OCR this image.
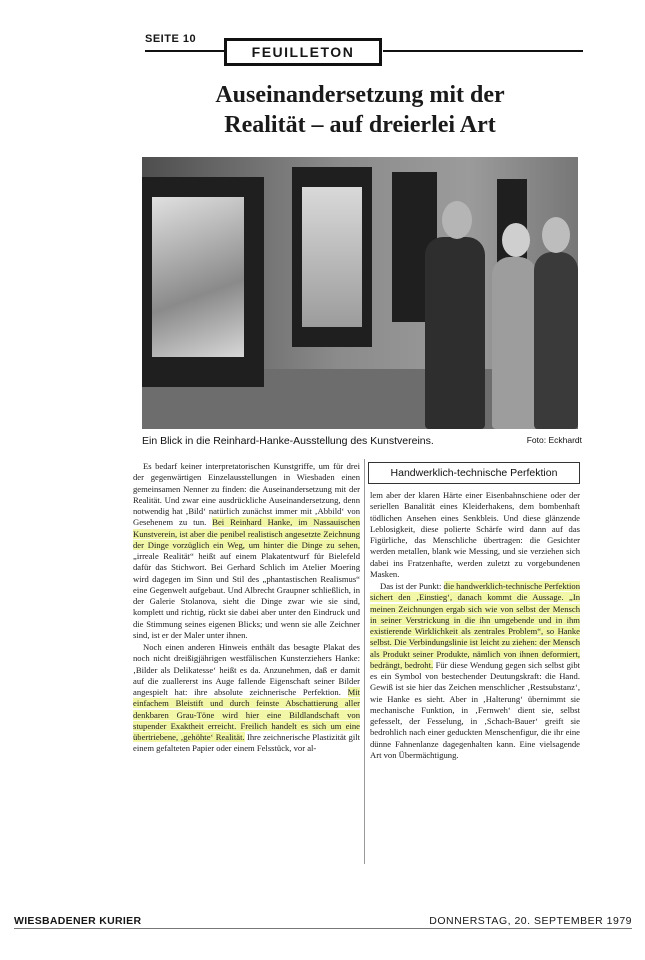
SEITE 10
FEUILLETON
Auseinandersetzung mit der
Realität – auf dreierlei Art
Ein Blick in die Reinhard-Hanke-Ausstellung des Kunstvereins.	Foto: Eckhardt

Es bedarf keiner interpretatorischen Kunstgriffe, um für drei der gegenwärtigen Einzelausstellungen in Wiesbaden einen gemeinsamen Nenner zu finden: die Auseinandersetzung mit der Realität. Und zwar eine ausdrückliche Auseinandersetzung, denn notwendig hat ‚Bild‘ natürlich zunächst immer mit ‚Abbild‘ von Gesehenem zu tun. Bei Reinhard Hanke, im Nassauischen Kunstverein, ist aber die penibel realistisch angesetzte Zeichnung der Dinge vorzüglich ein Weg, um hinter die Dinge zu sehen, „irreale Realität“ heißt auf einem Plakatentwurf für Bielefeld dafür das Stichwort. Bei Gerhard Schlich im Atelier Moering wird dagegen im Sinn und Stil des „phantastischen Realismus“ eine Gegenwelt aufgebaut. Und Albrecht Graupner schließlich, in der Galerie Stolanova, sieht die Dinge zwar wie sie sind, komplett und richtig, rückt sie dabei aber unter den Eindruck und die Stimmung seines eigenen Blicks; und wenn sie alle Zeichner sind, ist er der Maler unter ihnen.

Noch einen anderen Hinweis enthält das besagte Plakat des noch nicht dreißigjährigen westfälischen Kunsterziehers Hanke: ‚Bilder als Delikatesse‘ heißt es da. Anzunehmen, daß er damit auf die zuallererst ins Auge fallende Eigenschaft seiner Bilder angespielt hat: ihre absolute zeichnerische Perfektion. Mit einfachem Bleistift und durch feinste Abschattierung aller denkbaren Grau-Töne wird hier eine Bildlandschaft von stupender Exaktheit erreicht. Freilich handelt es sich um eine übertriebene, ‚gehöhte‘ Realität. Ihre zeichnerische Plastizität gilt einem gefalteten Papier oder einem Felsstück, vor al-

Handwerklich-technische Perfektion

lem aber der klaren Härte einer Eisenbahnschiene oder der seriellen Banalität eines Kleiderhakens, dem bombenhaft tödlichen Ansehen eines Senkbleis. Und diese glänzende Leblosigkeit, diese polierte Schärfe wird dann auf das Figürliche, das Menschliche übertragen: die Gesichter werden metallen, blank wie Messing, und sie verziehen sich dabei ins Fratzenhafte, werden zuletzt zu vorgebundenen Masken.

Das ist der Punkt: die handwerklich-technische Perfektion sichert den ‚Einstieg‘, danach kommt die Aussage. „In meinen Zeichnungen ergab sich wie von selbst der Mensch in seiner Verstrickung in die ihn umgebende und in ihm existierende Wirklichkeit als zentrales Problem“, so Hanke selbst. Die Verbindungslinie ist leicht zu ziehen: der Mensch als Produkt seiner Produkte, nämlich von ihnen deformiert, bedrängt, bedroht. Für diese Wendung gegen sich selbst gibt es ein Symbol von bestechender Deutungskraft: die Hand. Gewiß ist sie hier das Zeichen menschlicher ‚Restsubstanz‘, wie Hanke es sieht. Aber in ‚Halterung‘ übernimmt sie mechanische Funktion, in ‚Fernweh‘ dient sie, selbst gefesselt, der Fesselung, in ‚Schach-Bauer‘ greift sie bedrohlich nach einer geduckten Menschenfigur, die ihr eine dünne Fahnenlanze dagegenhalten kann. Eine vielsagende Art von Übermächtigung.

WIESBADENER KURIER	DONNERSTAG, 20. SEPTEMBER 1979
